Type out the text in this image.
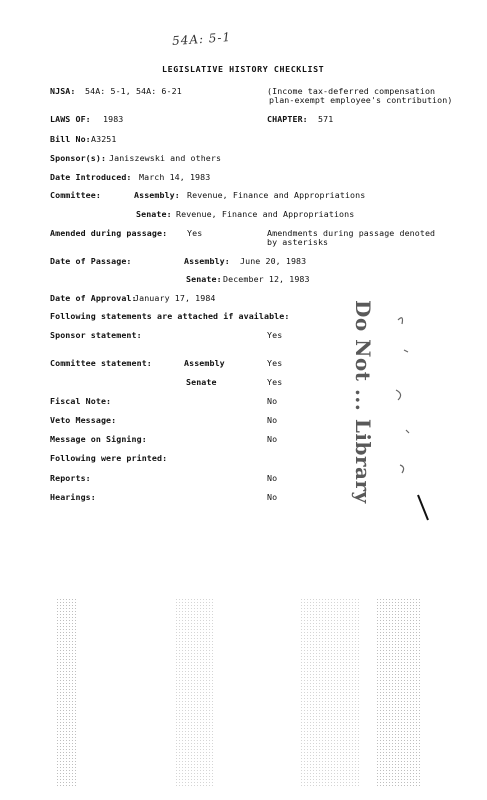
54A: 5-1
LEGISLATIVE HISTORY CHECKLIST
NJSA: 54A: 5-1, 54A: 6-21	(Income tax-deferred compensation
plan-exempt employee's contribution)
LAWS OF: 1983	CHAPTER: 571
Bill No: A3251
Sponsor(s): Janiszewski and others
Date Introduced: March 14, 1983
Committee:	Assembly: Revenue, Finance and Appropriations
Senate: Revenue, Finance and Appropriations
Amended during passage: Yes	Amendments during passage denoted
by asterisks
Date of Passage:	Assembly: June 20, 1983
Senate: December 12, 1983
Date of Approval:
January 17, 1984
Following statements are attached if available:
Sponsor statement:	Yes
Committee statement:	Assembly	Yes
Senate	Yes
Fiscal Note:	No
Veto Message:	No
Message on Signing:	No
Following were printed:
Reports:	No
Hearings:	No	Do Not ... Library
